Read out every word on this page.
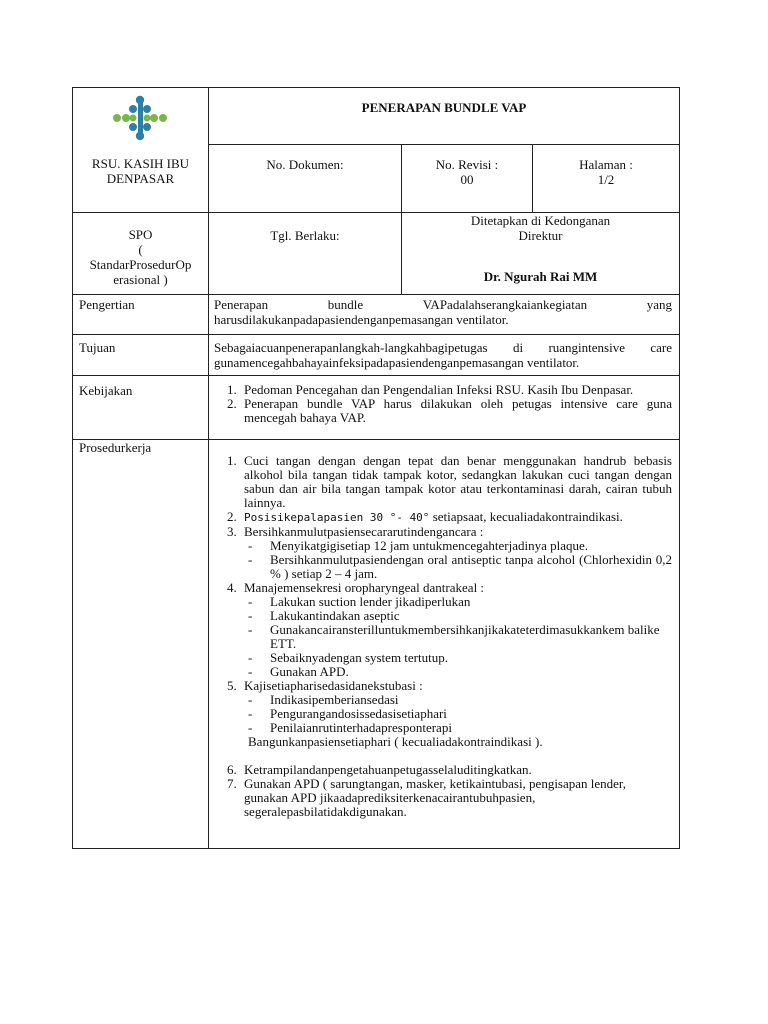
PENERAPAN BUNDLE VAP
RSU. KASIH IBU
DENPASAR
No. Dokumen:	No. Revisi :
00
Halaman :
1/2
SPO
(
StandarProsedurOp
erasional )
Tgl. Berlaku:
Ditetapkan di Kedonganan
Direktur
Dr. Ngurah Rai MM
Pengertian	Penerapan	bundle	VAPadalahserangkaiankegiatan	yang
harusdilakukanpadapasiendenganpemasangan ventilator.
Tujuan	Sebagaiacuanpenerapanlangkah-langkahbagipetugas di ruangintensive care
gunamencegahbahayainfeksipadapasiendenganpemasangan ventilator.
Kebijakan
1.	Pedoman Pencegahan dan Pengendalian Infeksi RSU. Kasih Ibu Denpasar.
2. Penerapan bundle VAP harus dilakukan oleh petugas intensive care guna mencegah bahaya VAP.
Prosedurkerja
1. Cuci tangan dengan dengan tepat dan benar menggunakan handrub bebasis alkohol bila tangan tidak tampak kotor, sedangkan lakukan cuci tangan dengan sabun dan air bila tangan tampak kotor atau terkontaminasi darah, cairan tubuh lainnya.
2. Posisikepalapasien 30 °- 40° setiapsaat, kecualiadakontraindikasi.
3. Bersihkanmulutpasiensecararutindengancara :
- Menyikatgigisetiap 12 jam untukmencegahterjadinya plaque.
- Bersihkanmulutpasiendengan oral antiseptic tanpa alcohol (Chlorhexidin 0,2 % ) setiap 2 – 4 jam.
4. Manajemensekresi oropharyngeal dantrakeal :
- Lakukan suction lender jikadiperlukan
- Lakukantindakan aseptic
- Gunakancairansterilluntukmembersihkanjikakateterdimasukkankem balike ETT.
- Sebaiknyadengan system tertutup.
- Gunakan APD.
5. Kajisetiapharisedasidanekstubasi :
- Indikasipemberiansedasi
- Pengurangandosissedasisetiaphari
- Penilaianrutinterhadapresponterapi
Bangunkanpasiensetiaphari ( kecualiadakontraindikasi ).
6. Ketrampilandanpengetahuanpetugasselaluditingkatkan.
7. Gunakan APD ( sarungtangan, masker, ketikaintubasi, pengisapan lender, gunakan APD jikaadaprediksiterkenacairantubuhpasien, segeralepasbilatidakdigunakan.
